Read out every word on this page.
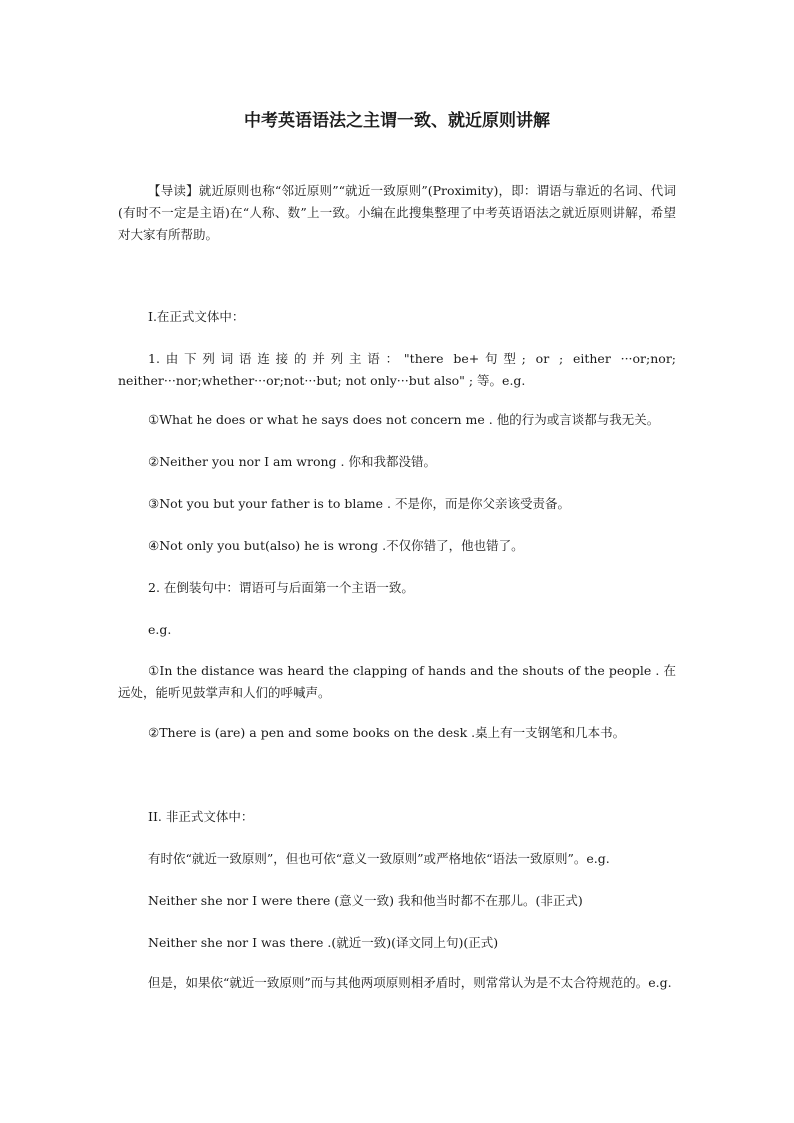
中考英语语法之主谓一致、就近原则讲解

【导读】就近原则也称“邻近原则”“就近一致原则”(Proximity)，即：谓语与靠近的名词、代词(有时不一定是主语)在“人称、数”上一致。小编在此搜集整理了中考英语语法之就近原则讲解，希望对大家有所帮助。

I.在正式文体中：

1.由下列词语连接的并列主语："there be+句型; or ; either ···or;nor; neither···nor;whether···or;not···but; not only···but also" ; 等。e.g.

①What he does or what he says does not concern me . 他的行为或言谈都与我无关。

②Neither you nor I am wrong . 你和我都没错。

③Not you but your father is to blame . 不是你，而是你父亲该受责备。

④Not only you but(also) he is wrong .不仅你错了，他也错了。

2. 在倒装句中：谓语可与后面第一个主语一致。

e.g.

①In the distance was heard the clapping of hands and the shouts of the people . 在远处，能听见鼓掌声和人们的呼喊声。

②There is (are) a pen and some books on the desk .桌上有一支钢笔和几本书。

II. 非正式文体中：

有时依“就近一致原则”，但也可依“意义一致原则”或严格地依“语法一致原则”。e.g.

Neither she nor I were there (意义一致) 我和他当时都不在那儿。(非正式)

Neither she nor I was there .(就近一致)(译文同上句)(正式)

但是，如果依“就近一致原则”而与其他两项原则相矛盾时，则常常认为是不太合符规范的。e.g.
